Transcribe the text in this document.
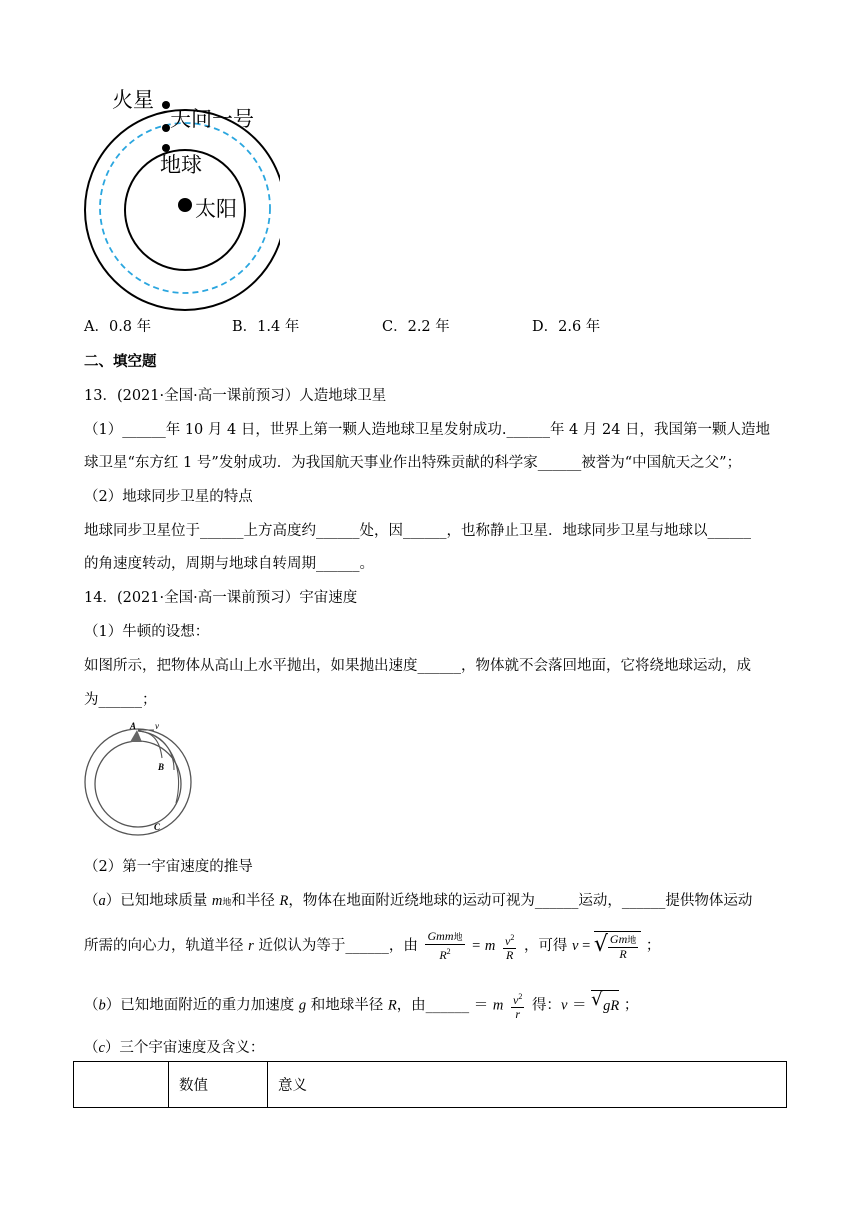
火星
天问一号
地球
太阳
A．0.8 年	B．1.4 年	C．2.2 年	D．2.6 年
二、填空题
13．(2021·全国·高一课前预习）人造地球卫星
（1）______年 10 月 4 日，世界上第一颗人造地球卫星发射成功.______年 4 月 24 日，我国第一颗人造地
球卫星“东方红 1 号”发射成功．为我国航天事业作出特殊贡献的科学家______被誉为“中国航天之父”；
（2）地球同步卫星的特点
地球同步卫星位于______上方高度约______处，因______，也称静止卫星．地球同步卫星与地球以______
的角速度转动，周期与地球自转周期______。
14．(2021·全国·高一课前预习）宇宙速度
（1）牛顿的设想：
如图所示，把物体从高山上水平抛出，如果抛出速度______，物体就不会落回地面，它将绕地球运动，成
为______；
A v
B
C
（2）第一宇宙速度的推导
（a）已知地球质量 m地和半径 R，物体在地面附近绕地球的运动可视为______运动，______提供物体运动
所需的向心力，轨道半径 r 近似认为等于______，由 $\frac{\text{Gmm地}}{R^2} = m \frac{v^2}{R}$ ，可得 v = √ $\frac{\text{Gm地}}{R}$ ；
（b）已知地面附近的重力加速度 g 和地球半径 R，由______ ＝ m $\frac{v^2}{r}$ 得：v ＝ √ gR ；
（c）三个宇宙速度及含义：
	数值	意义
